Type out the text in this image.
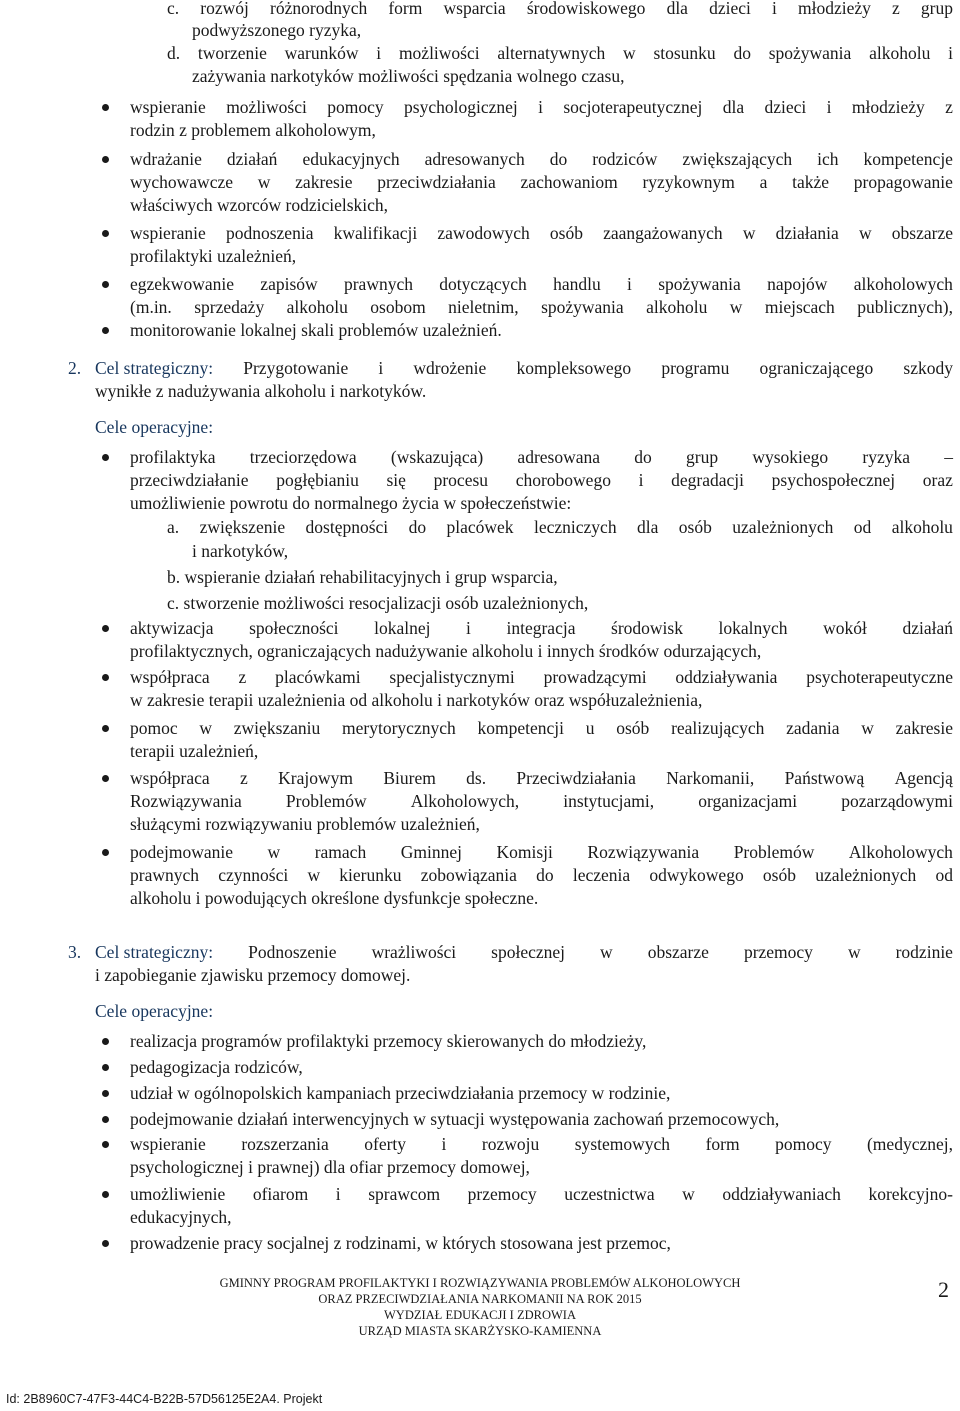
c. rozwój różnorodnych form wsparcia środowiskowego dla dzieci i młodzieży z grup
podwyższonego ryzyka,
d. tworzenie warunków i możliwości alternatywnych w stosunku do spożywania alkoholu i
zażywania narkotyków możliwości spędzania wolnego czasu,
wspieranie możliwości pomocy psychologicznej i socjoterapeutycznej dla dzieci i młodzieży z
rodzin z problemem alkoholowym,
wdrażanie działań edukacyjnych adresowanych do rodziców zwiększających ich kompetencje
wychowawcze w zakresie przeciwdziałania zachowaniom ryzykownym a także propagowanie
właściwych wzorców rodzicielskich,
wspieranie podnoszenia kwalifikacji zawodowych osób zaangażowanych w działania w obszarze
profilaktyki uzależnień,
egzekwowanie zapisów prawnych dotyczących handlu i spożywania napojów alkoholowych
(m.in. sprzedaży alkoholu osobom nieletnim, spożywania alkoholu w miejscach publicznych),
monitorowanie lokalnej skali problemów uzależnień.
wynikłe z nadużywania alkoholu i narkotyków.
Cele operacyjne:
profilaktyka trzeciorzędowa (wskazująca) adresowana do grup wysokiego ryzyka –
przeciwdziałanie pogłębianiu się procesu chorobowego i degradacji psychospołecznej oraz
umożliwienie powrotu do normalnego życia w społeczeństwie:
a. zwiększenie dostępności do placówek leczniczych dla osób uzależnionych od alkoholu
i narkotyków,
b. wspieranie działań rehabilitacyjnych i grup wsparcia,
c. stworzenie możliwości resocjalizacji osób uzależnionych,
aktywizacja społeczności lokalnej i integracja środowisk lokalnych wokół działań
profilaktycznych, ograniczających nadużywanie alkoholu i innych środków odurzających,
współpraca z placówkami specjalistycznymi prowadzącymi oddziaływania psychoterapeutyczne
w zakresie terapii uzależnienia od alkoholu i narkotyków oraz współuzależnienia,
pomoc w zwiększaniu merytorycznych kompetencji u osób realizujących zadania w zakresie
terapii uzależnień,
współpraca z Krajowym Biurem ds. Przeciwdziałania Narkomanii, Państwową Agencją
Rozwiązywania	Problemów	Alkoholowych,	instytucjami,	organizacjami	pozarządowymi
służącymi rozwiązywaniu problemów uzależnień,
podejmowanie w ramach Gminnej Komisji Rozwiązywania Problemów Alkoholowych
prawnych czynności w kierunku zobowiązania do leczenia odwykowego osób uzależnionych od
alkoholu i powodujących określone dysfunkcje społeczne.
i zapobieganie zjawisku przemocy domowej.
Cele operacyjne:
realizacja programów profilaktyki przemocy skierowanych do młodzieży,
pedagogizacja rodziców,
udział w ogólnopolskich kampaniach przeciwdziałania przemocy w rodzinie,
podejmowanie działań interwencyjnych w sytuacji występowania zachowań przemocowych,
wspieranie rozszerzania oferty i rozwoju systemowych form pomocy (medycznej,
psychologicznej i prawnej) dla ofiar przemocy domowej,
umożliwienie ofiarom i sprawcom przemocy uczestnictwa w oddziaływaniach korekcyjno-
edukacyjnych,
prowadzenie pracy socjalnej z rodzinami, w których stosowana jest przemoc,
2. Cel strategiczny: Przygotowanie i wdrożenie kompleksowego programu ograniczającego szkody
3. Cel strategiczny: Podnoszenie wrażliwości społecznej w obszarze przemocy w rodzinie
GMINNY PROGRAM PROFILAKTYKI I ROZWIĄZYWANIA PROBLEMÓW ALKOHOLOWYCH
ORAZ PRZECIWDZIAŁANIA NARKOMANII NA ROK 2015
WYDZIAŁ EDUKACJI I ZDROWIA
URZĄD MIASTA SKARŻYSKO-KAMIENNA
2
Id: 2B8960C7-47F3-44C4-B22B-57D56125E2A4. Projekt
